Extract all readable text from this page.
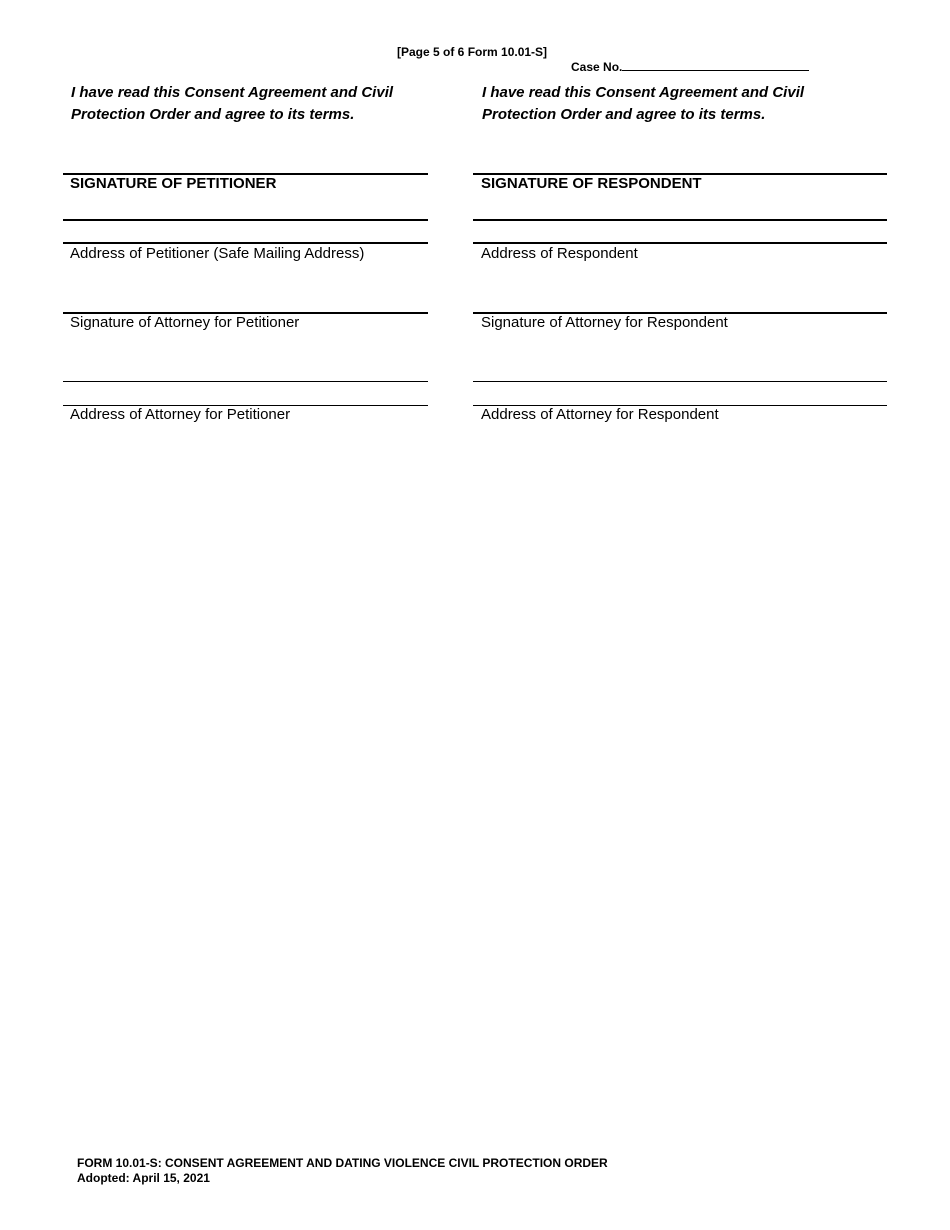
[Page 5 of 6 Form 10.01-S]
Case No.
I have read this Consent Agreement and Civil Protection Order and agree to its terms.
I have read this Consent Agreement and Civil Protection Order and agree to its terms.
SIGNATURE OF PETITIONER	SIGNATURE OF RESPONDENT
Address of Petitioner (Safe Mailing Address)	Address of Respondent
Signature of Attorney for Petitioner	Signature of Attorney for Respondent
Address of Attorney for Petitioner	Address of Attorney for Respondent
FORM 10.01-S: CONSENT AGREEMENT AND DATING VIOLENCE CIVIL PROTECTION ORDER
Adopted: April 15, 2021
